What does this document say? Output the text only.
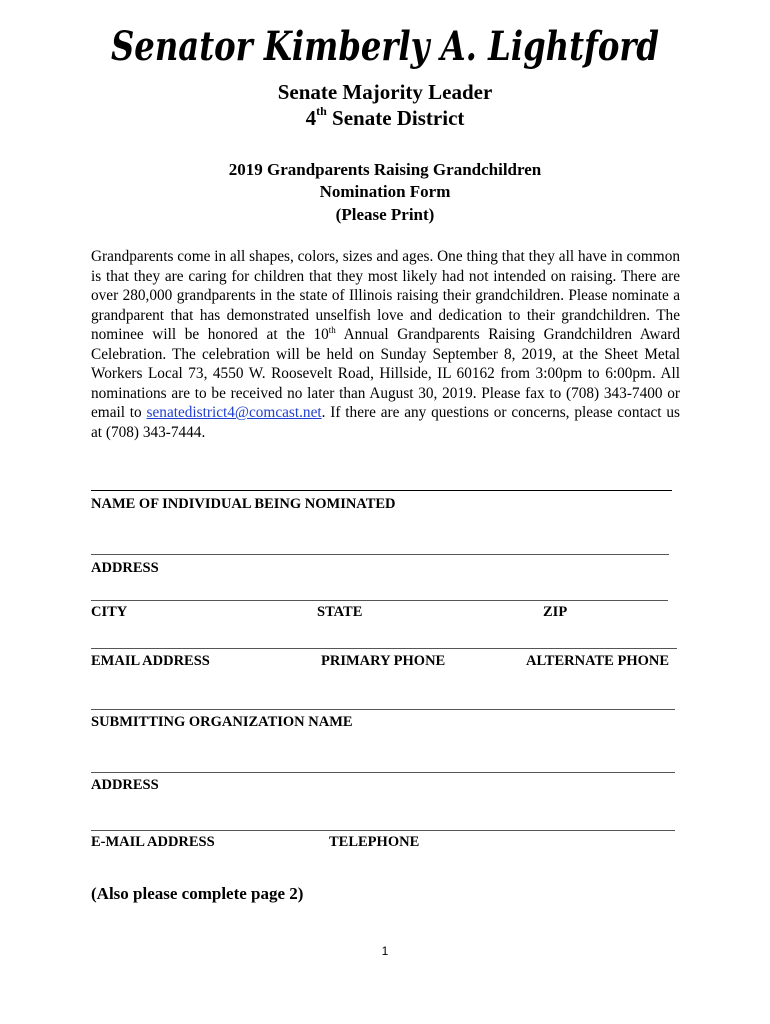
Senator Kimberly A. Lightford
Senate Majority Leader
4th Senate District
2019 Grandparents Raising Grandchildren
Nomination Form
(Please Print)
Grandparents come in all shapes, colors, sizes and ages. One thing that they all have in common is that they are caring for children that they most likely had not intended on raising. There are over 280,000 grandparents in the state of Illinois raising their grandchildren. Please nominate a grandparent that has demonstrated unselfish love and dedication to their grandchildren. The nominee will be honored at the 10th Annual Grandparents Raising Grandchildren Award Celebration. The celebration will be held on Sunday September 8, 2019, at the Sheet Metal Workers Local 73, 4550 W. Roosevelt Road, Hillside, IL 60162 from 3:00pm to 6:00pm. All nominations are to be received no later than August 30, 2019. Please fax to (708) 343-7400 or email to senatedistrict4@comcast.net. If there are any questions or concerns, please contact us at (708) 343-7444.
NAME OF INDIVIDUAL BEING NOMINATED
ADDRESS
CITY	STATE	ZIP
EMAIL ADDRESS	PRIMARY PHONE	ALTERNATE PHONE
SUBMITTING ORGANIZATION NAME
ADDRESS
E-MAIL ADDRESS	TELEPHONE
(Also please complete page 2)
1
